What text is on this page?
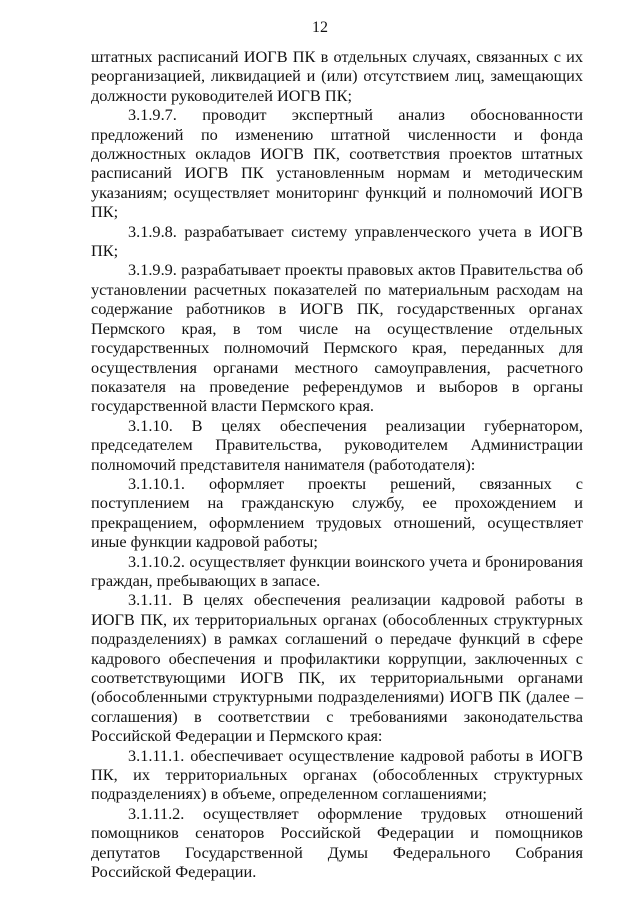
12

штатных расписаний ИОГВ ПК в отдельных случаях, связанных с их реорганизацией, ликвидацией и (или) отсутствием лиц, замещающих должности руководителей ИОГВ ПК;

3.1.9.7. проводит экспертный анализ обоснованности предложений по изменению штатной численности и фонда должностных окладов ИОГВ ПК, соответствия проектов штатных расписаний ИОГВ ПК установленным нормам и методическим указаниям; осуществляет мониторинг функций и полномочий ИОГВ ПК;

3.1.9.8. разрабатывает систему управленческого учета в ИОГВ ПК;

3.1.9.9. разрабатывает проекты правовых актов Правительства об установлении расчетных показателей по материальным расходам на содержание работников в ИОГВ ПК, государственных органах Пермского края, в том числе на осуществление отдельных государственных полномочий Пермского края, переданных для осуществления органами местного самоуправления, расчетного показателя на проведение референдумов и выборов в органы государственной власти Пермского края.

3.1.10. В целях обеспечения реализации губернатором, председателем Правительства, руководителем Администрации полномочий представителя нанимателя (работодателя):

3.1.10.1. оформляет проекты решений, связанных с поступлением на гражданскую службу, ее прохождением и прекращением, оформлением трудовых отношений, осуществляет иные функции кадровой работы;

3.1.10.2. осуществляет функции воинского учета и бронирования граждан, пребывающих в запасе.

3.1.11. В целях обеспечения реализации кадровой работы в ИОГВ ПК, их территориальных органах (обособленных структурных подразделениях) в рамках соглашений о передаче функций в сфере кадрового обеспечения и профилактики коррупции, заключенных с соответствующими ИОГВ ПК, их территориальными органами (обособленными структурными подразделениями) ИОГВ ПК (далее – соглашения) в соответствии с требованиями законодательства Российской Федерации и Пермского края:

3.1.11.1. обеспечивает осуществление кадровой работы в ИОГВ ПК, их территориальных органах (обособленных структурных подразделениях) в объеме, определенном соглашениями;

3.1.11.2. осуществляет оформление трудовых отношений помощников сенаторов Российской Федерации и помощников депутатов Государственной Думы Федерального Собрания Российской Федерации.
